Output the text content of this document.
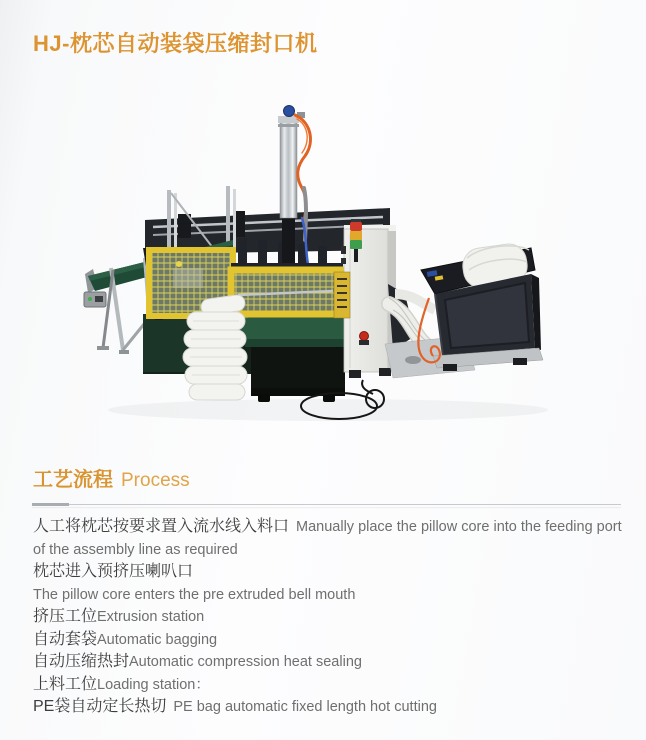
HJ-枕芯自动装袋压缩封口机
工艺流程 Process
人工将枕芯按要求置入流水线入料口 Manually place the pillow core into the feeding port of the assembly line as required
枕芯进入预挤压喇叭口
The pillow core enters the pre extruded bell mouth
挤压工位Extrusion station
自动套袋Automatic bagging
自动压缩热封Automatic compression heat sealing
上料工位Loading station：
PE袋自动定长热切 PE bag automatic fixed length hot cutting
